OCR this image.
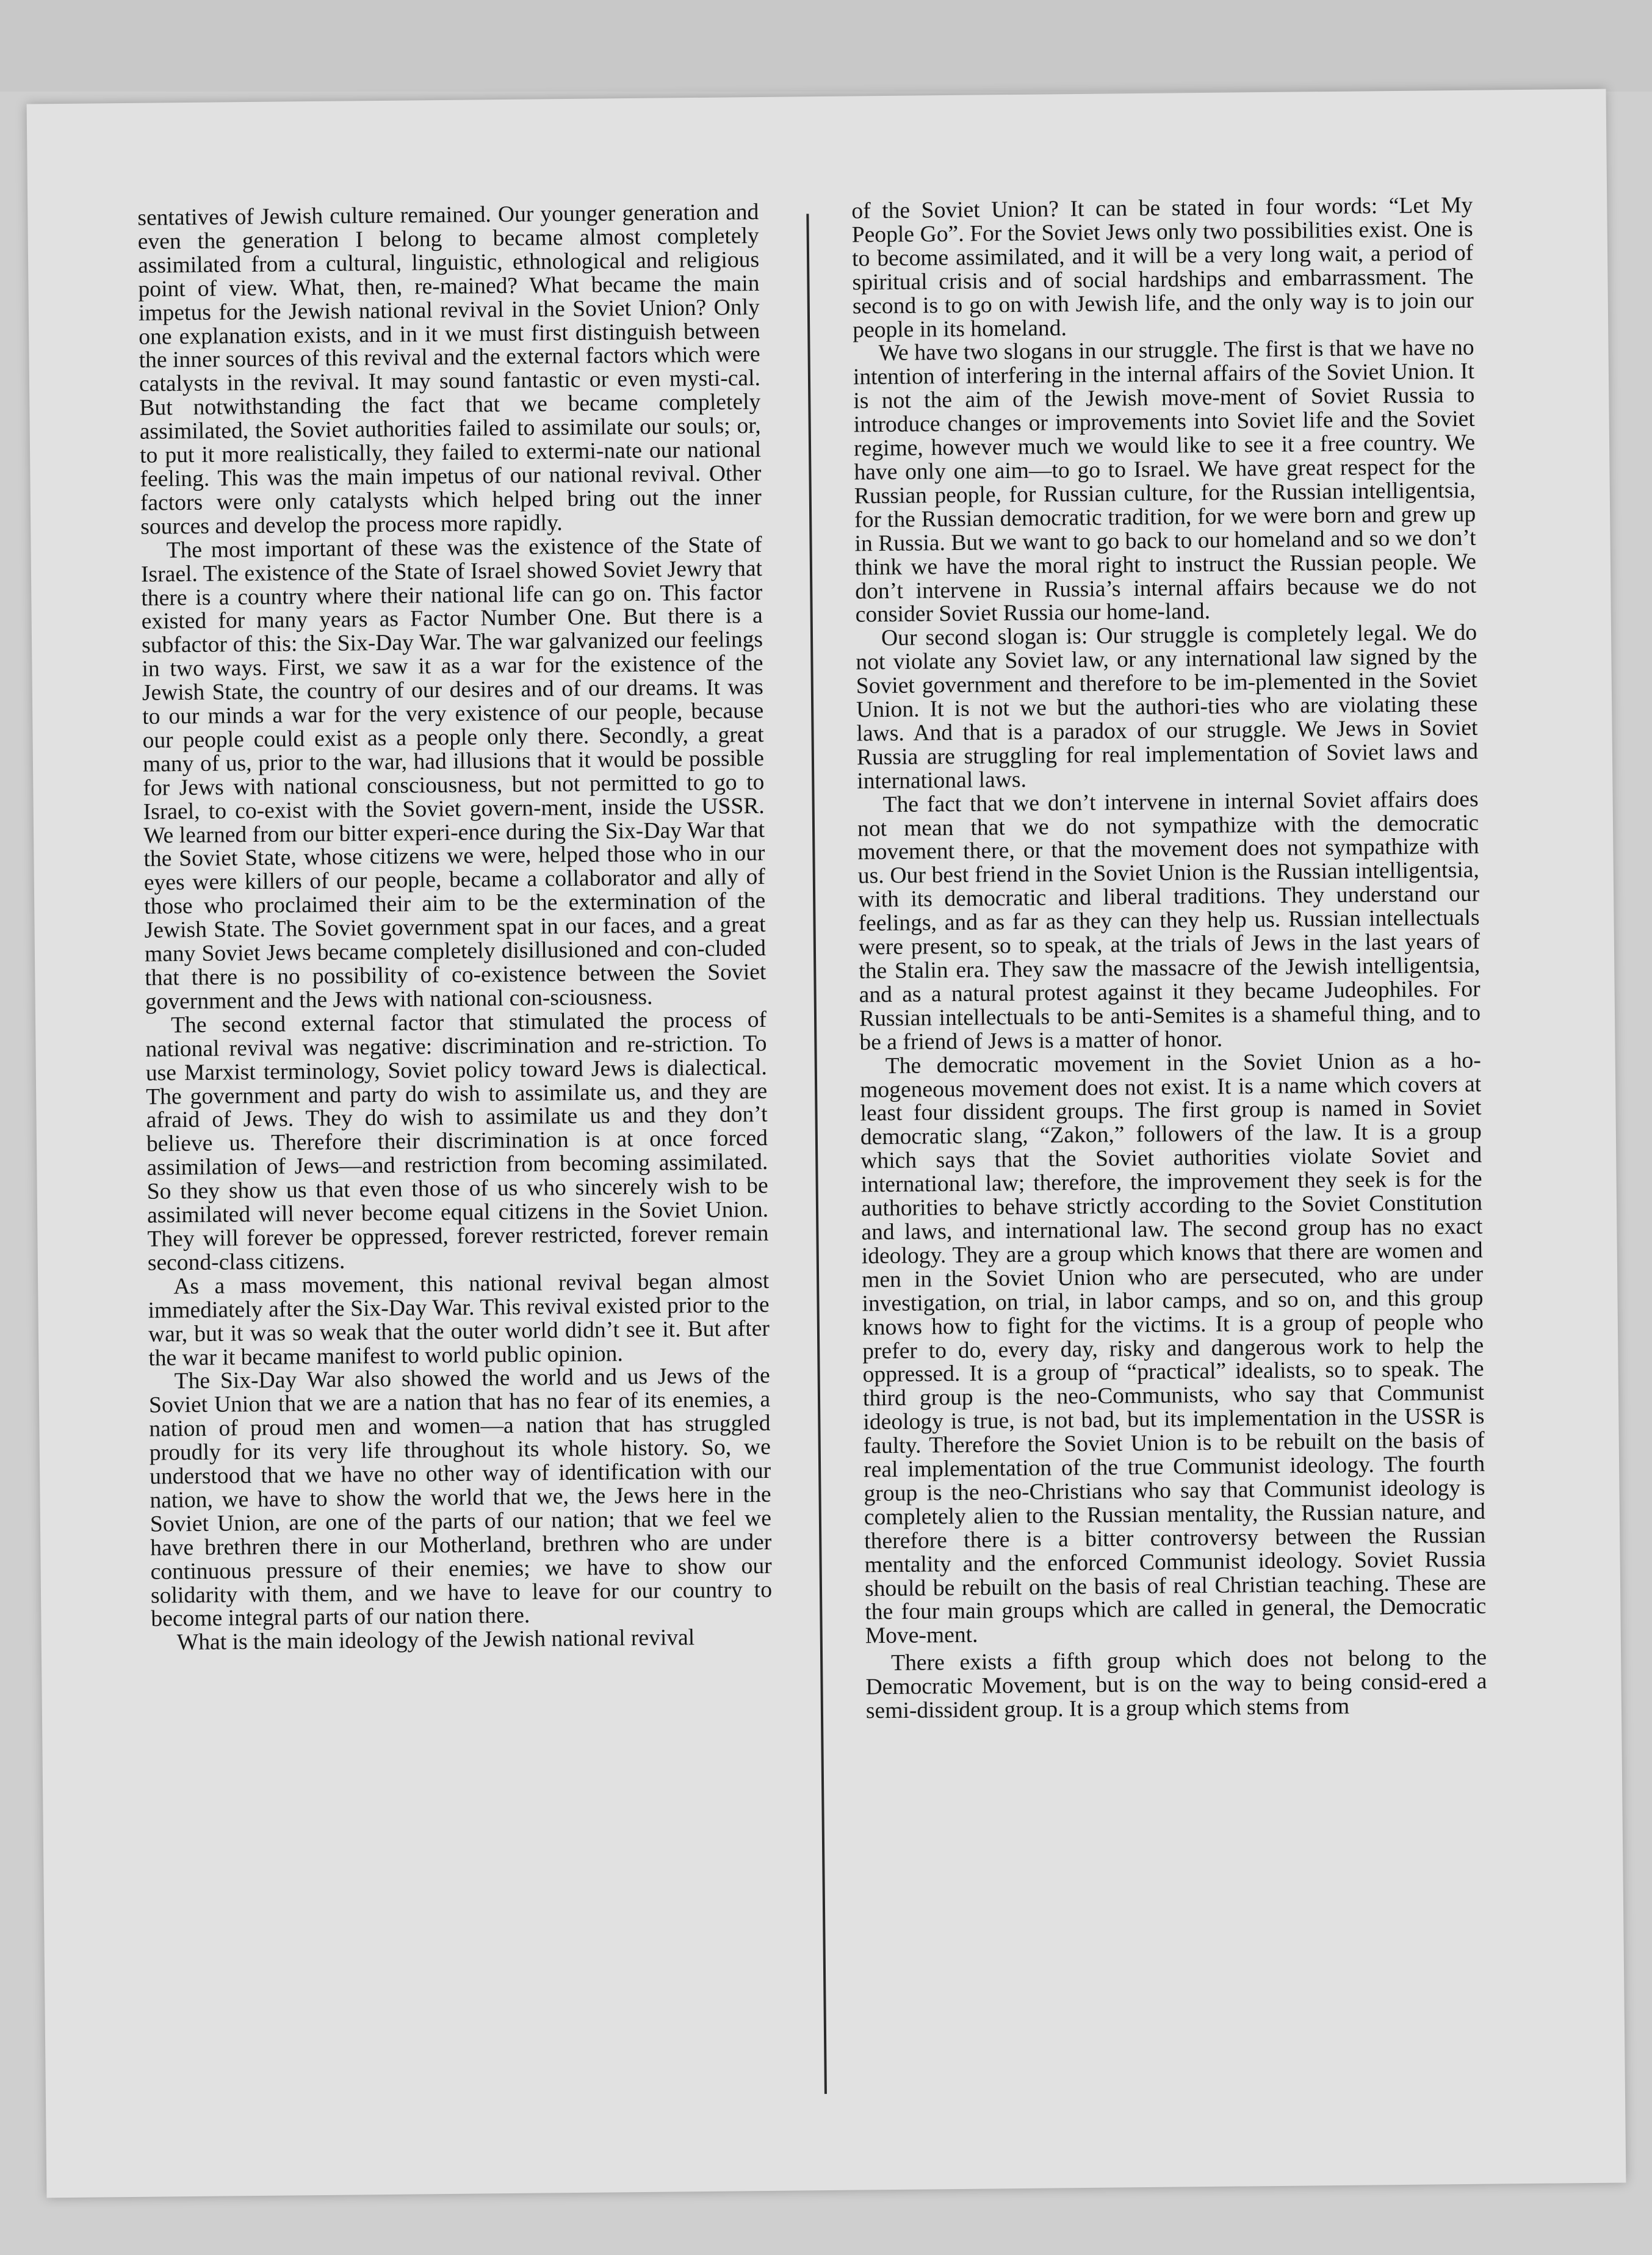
sentatives of Jewish culture remained. Our younger generation and even the generation I belong to became almost completely assimilated from a cultural, linguistic, ethnological and religious point of view. What, then, re-mained? What became the main impetus for the Jewish national revival in the Soviet Union? Only one explanation exists, and in it we must first distinguish between the inner sources of this revival and the external factors which were catalysts in the revival. It may sound fantastic or even mysti-cal. But notwithstanding the fact that we became completely assimilated, the Soviet authorities failed to assimilate our souls; or, to put it more realistically, they failed to extermi-nate our national feeling. This was the main impetus of our national revival. Other factors were only catalysts which helped bring out the inner sources and develop the process more rapidly.

The most important of these was the existence of the State of Israel. The existence of the State of Israel showed Soviet Jewry that there is a country where their national life can go on. This factor existed for many years as Factor Number One. But there is a subfactor of this: the Six-Day War. The war galvanized our feelings in two ways. First, we saw it as a war for the existence of the Jewish State, the country of our desires and of our dreams. It was to our minds a war for the very existence of our people, because our people could exist as a people only there. Secondly, a great many of us, prior to the war, had illusions that it would be possible for Jews with national consciousness, but not permitted to go to Israel, to co-exist with the Soviet govern-ment, inside the USSR. We learned from our bitter experi-ence during the Six-Day War that the Soviet State, whose citizens we were, helped those who in our eyes were killers of our people, became a collaborator and ally of those who proclaimed their aim to be the extermination of the Jewish State. The Soviet government spat in our faces, and a great many Soviet Jews became completely disillusioned and con-cluded that there is no possibility of co-existence between the Soviet government and the Jews with national con-sciousness.

The second external factor that stimulated the process of national revival was negative: discrimination and re-striction. To use Marxist terminology, Soviet policy toward Jews is dialectical. The government and party do wish to assimilate us, and they are afraid of Jews. They do wish to assimilate us and they don’t believe us. Therefore their discrimination is at once forced assimilation of Jews—and restriction from becoming assimilated. So they show us that even those of us who sincerely wish to be assimilated will never become equal citizens in the Soviet Union. They will forever be oppressed, forever restricted, forever remain second-class citizens.

As a mass movement, this national revival began almost immediately after the Six-Day War. This revival existed prior to the war, but it was so weak that the outer world didn’t see it. But after the war it became manifest to world public opinion.

The Six-Day War also showed the world and us Jews of the Soviet Union that we are a nation that has no fear of its enemies, a nation of proud men and women—a nation that has struggled proudly for its very life throughout its whole history. So, we understood that we have no other way of identification with our nation, we have to show the world that we, the Jews here in the Soviet Union, are one of the parts of our nation; that we feel we have brethren there in our Motherland, brethren who are under continuous pressure of their enemies; we have to show our solidarity with them, and we have to leave for our country to become integral parts of our nation there.

What is the main ideology of the Jewish national revival

of the Soviet Union? It can be stated in four words: “Let My People Go”. For the Soviet Jews only two possibilities exist. One is to become assimilated, and it will be a very long wait, a period of spiritual crisis and of social hardships and embarrassment. The second is to go on with Jewish life, and the only way is to join our people in its homeland.

We have two slogans in our struggle. The first is that we have no intention of interfering in the internal affairs of the Soviet Union. It is not the aim of the Jewish move-ment of Soviet Russia to introduce changes or improvements into Soviet life and the Soviet regime, however much we would like to see it a free country. We have only one aim—to go to Israel. We have great respect for the Russian people, for Russian culture, for the Russian intelligentsia, for the Russian democratic tradition, for we were born and grew up in Russia. But we want to go back to our homeland and so we don’t think we have the moral right to instruct the Russian people. We don’t intervene in Russia’s internal affairs because we do not consider Soviet Russia our home-land.

Our second slogan is: Our struggle is completely legal. We do not violate any Soviet law, or any international law signed by the Soviet government and therefore to be im-plemented in the Soviet Union. It is not we but the authori-ties who are violating these laws. And that is a paradox of our struggle. We Jews in Soviet Russia are struggling for real implementation of Soviet laws and international laws.

The fact that we don’t intervene in internal Soviet affairs does not mean that we do not sympathize with the democratic movement there, or that the movement does not sympathize with us. Our best friend in the Soviet Union is the Russian intelligentsia, with its democratic and liberal traditions. They understand our feelings, and as far as they can they help us. Russian intellectuals were present, so to speak, at the trials of Jews in the last years of the Stalin era. They saw the massacre of the Jewish intelligentsia, and as a natural protest against it they became Judeophiles. For Russian intellectuals to be anti-Semites is a shameful thing, and to be a friend of Jews is a matter of honor.

The democratic movement in the Soviet Union as a ho-mogeneous movement does not exist. It is a name which covers at least four dissident groups. The first group is named in Soviet democratic slang, “Zakon,” followers of the law. It is a group which says that the Soviet authorities violate Soviet and international law; therefore, the improvement they seek is for the authorities to behave strictly according to the Soviet Constitution and laws, and international law. The second group has no exact ideology. They are a group which knows that there are women and men in the Soviet Union who are persecuted, who are under investigation, on trial, in labor camps, and so on, and this group knows how to fight for the victims. It is a group of people who prefer to do, every day, risky and dangerous work to help the oppressed. It is a group of “practical” idealists, so to speak. The third group is the neo-Communists, who say that Communist ideology is true, is not bad, but its implementation in the USSR is faulty. Therefore the Soviet Union is to be rebuilt on the basis of real implementation of the true Communist ideology. The fourth group is the neo-Christians who say that Communist ideology is completely alien to the Russian mentality, the Russian nature, and therefore there is a bitter controversy between the Russian mentality and the enforced Communist ideology. Soviet Russia should be rebuilt on the basis of real Christian teaching. These are the four main groups which are called in general, the Democratic Move-ment.

There exists a fifth group which does not belong to the Democratic Movement, but is on the way to being consid-ered a semi-dissident group. It is a group which stems from
